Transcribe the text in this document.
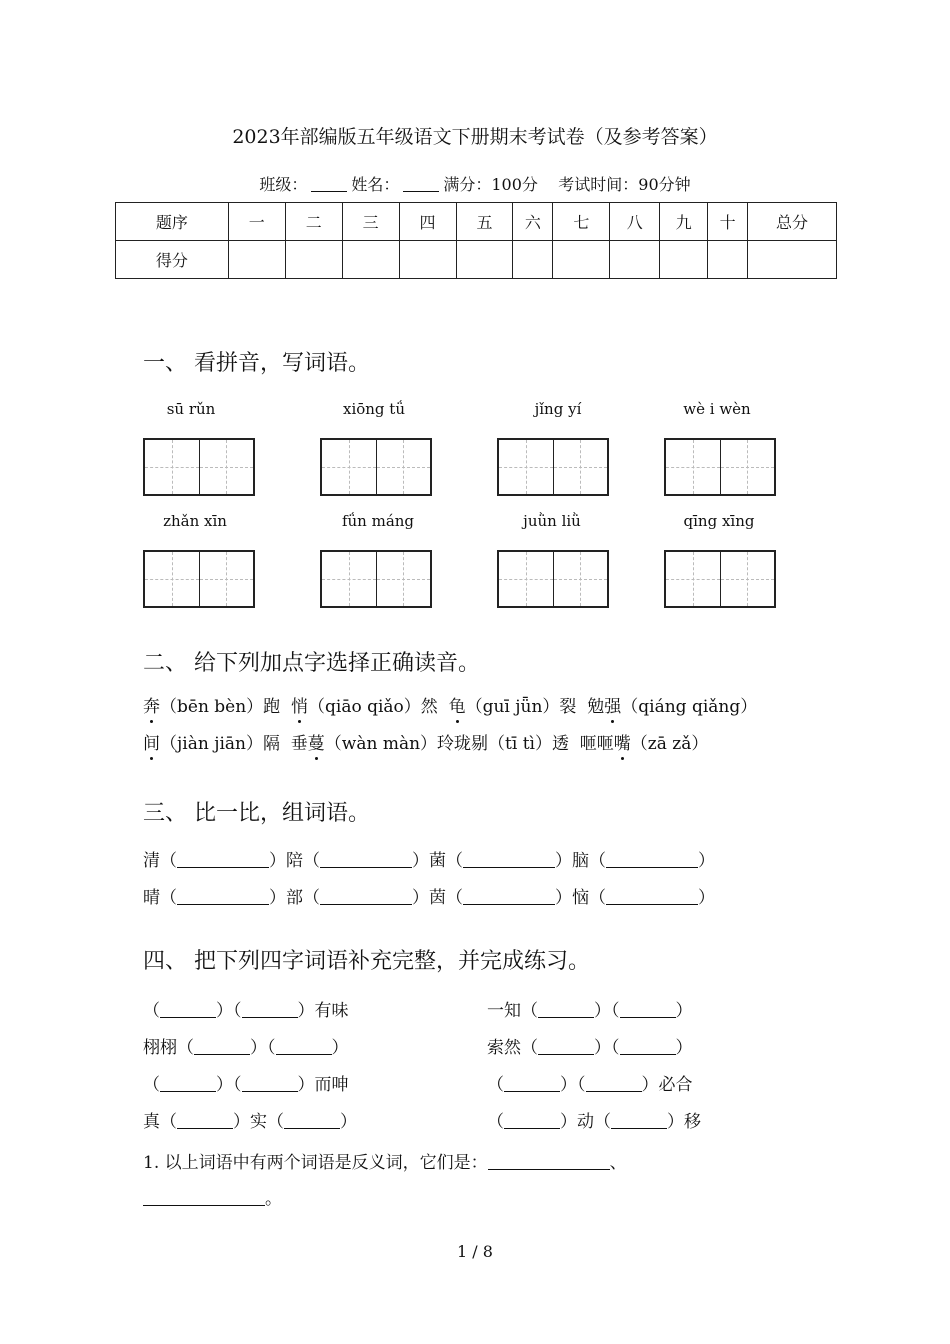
2023年部编版五年级语文下册期末考试卷（及参考答案）
班级：	姓名：	满分：100分 考试时间：90分钟
题序	一	二	三	四	五	六	七	八	九	十	总分
得分											
一、 看拼音，写词语。
sū rǔn	xiōng tǘ	jǐng yí	wè i wèn
zhǎn xīn	fǘn máng	juǜn liǜ	qīng xīng
二、 给下列加点字选择正确读音。
奔（bēn bèn）跑  悄（qiāo qiǎo）然  龟（guī jǖn）裂  勉强（qiáng qiǎng）
间（jiàn jiān）隔  垂蔓（wàn màn）玲珑剔（tī tì）透  咂咂嘴（zā zǎ）
三、 比一比，组词语。
清（	）陪（	）菌（	）脑（	）
晴（	）部（	）茵（	）恼（	）
四、 把下列四字词语补充完整，并完成练习。
（	）（	）有味
栩栩（	）（	）
（	）（	）而呻
真（	）实（	）
一知（	）（	）
索然（	）（	）
（	）（	）必合
（	）动（	）移
1. 以上词语中有两个词语是反义词，它们是：	、
。
1 / 8
